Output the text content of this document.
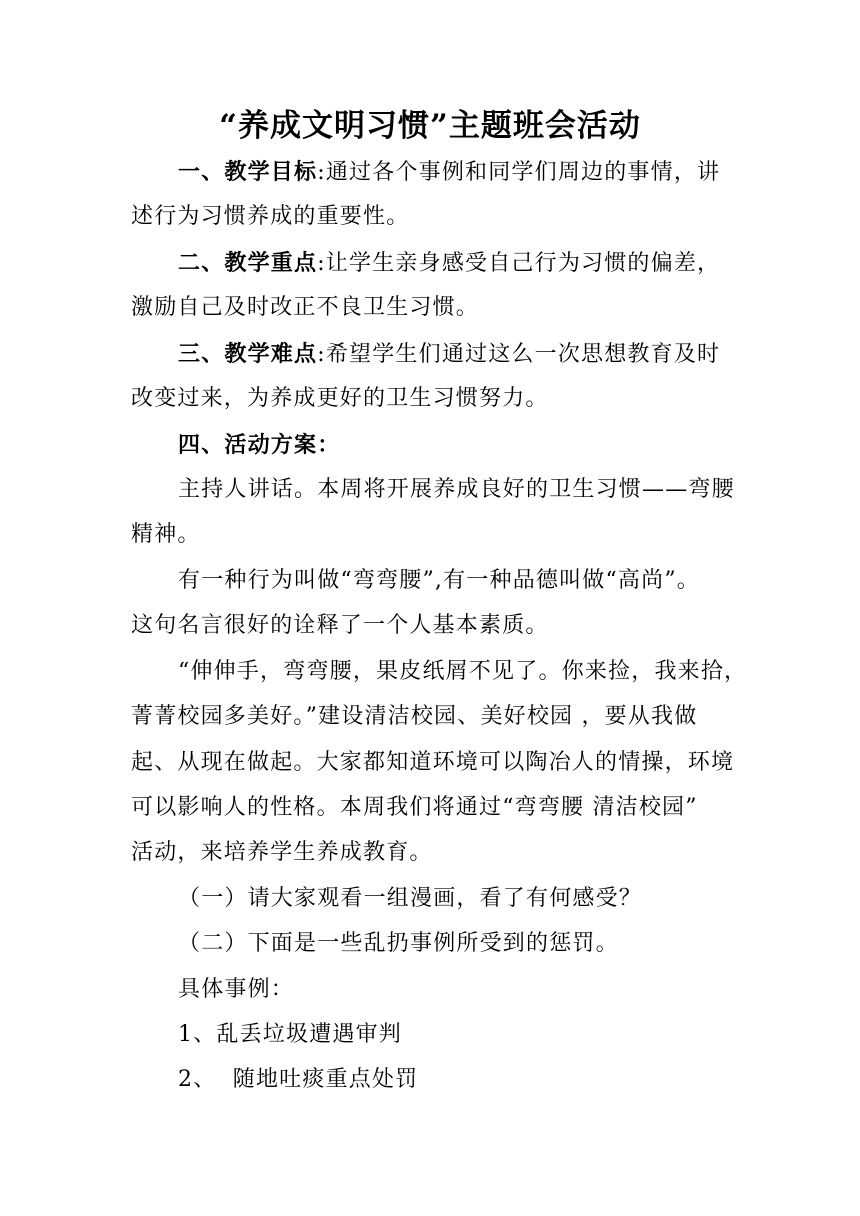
“养成文明习惯”主题班会活动
一、教学目标:通过各个事例和同学们周边的事情，讲
述行为习惯养成的重要性。
二、教学重点:让学生亲身感受自己行为习惯的偏差，
激励自己及时改正不良卫生习惯。
三、教学难点:希望学生们通过这么一次思想教育及时
改变过来，为养成更好的卫生习惯努力。
四、活动方案：
主持人讲话。本周将开展养成良好的卫生习惯——弯腰
精神。
有一种行为叫做“弯弯腰”,有一种品德叫做“高尚”。
这句名言很好的诠释了一个人基本素质。
“伸伸手，弯弯腰，果皮纸屑不见了。你来捡，我来拾，
菁菁校园多美好。”建设清洁校园、美好校园 ，要从我做
起、从现在做起。大家都知道环境可以陶冶人的情操，环境
可以影响人的性格。本周我们将通过“弯弯腰 清洁校园”
活动，来培养学生养成教育。
（一）请大家观看一组漫画，看了有何感受？
（二）下面是一些乱扔事例所受到的惩罚。
具体事例：
1、乱丢垃圾遭遇审判
2、  随地吐痰重点处罚
